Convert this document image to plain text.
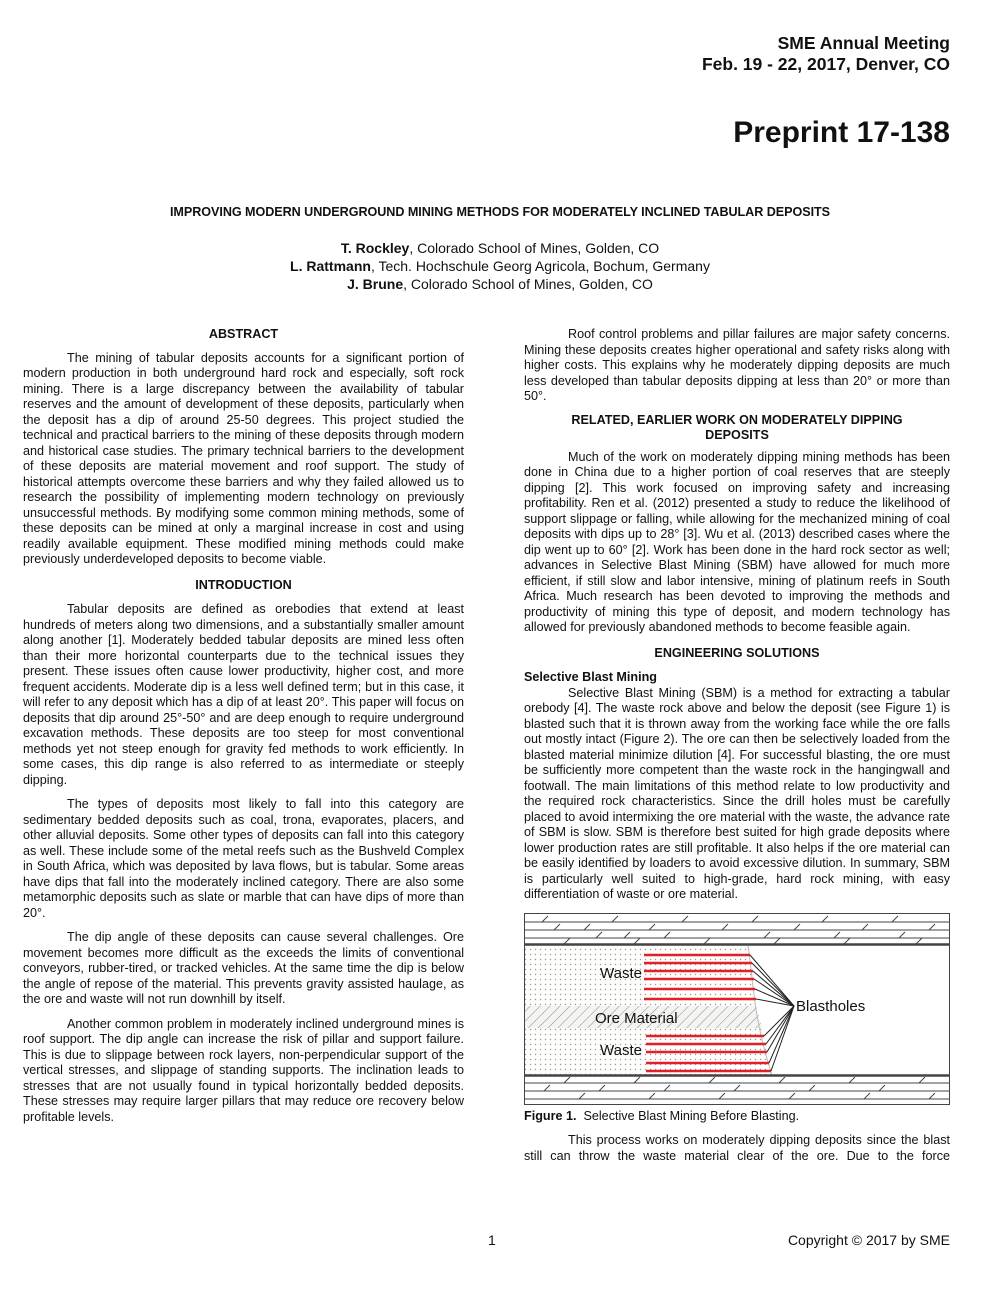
SME Annual Meeting
Feb. 19 - 22, 2017, Denver, CO
Preprint 17-138
IMPROVING MODERN UNDERGROUND MINING METHODS FOR MODERATELY INCLINED TABULAR DEPOSITS
T. Rockley, Colorado School of Mines, Golden, CO
L. Rattmann, Tech. Hochschule Georg Agricola, Bochum, Germany
J. Brune, Colorado School of Mines, Golden, CO
ABSTRACT

The mining of tabular deposits accounts for a significant portion of modern production in both underground hard rock and especially, soft rock mining. There is a large discrepancy between the availability of tabular reserves and the amount of development of these deposits, particularly when the deposit has a dip of around 25-50 degrees. This project studied the technical and practical barriers to the mining of these deposits through modern and historical case studies. The primary technical barriers to the development of these deposits are material movement and roof support. The study of historical attempts overcome these barriers and why they failed allowed us to research the possibility of implementing modern technology on previously unsuccessful methods. By modifying some common mining methods, some of these deposits can be mined at only a marginal increase in cost and using readily available equipment. These modified mining methods could make previously underdeveloped deposits to become viable.

INTRODUCTION

Tabular deposits are defined as orebodies that extend at least hundreds of meters along two dimensions, and a substantially smaller amount along another [1]. Moderately bedded tabular deposits are mined less often than their more horizontal counterparts due to the technical issues they present. These issues often cause lower productivity, higher cost, and more frequent accidents. Moderate dip is a less well defined term; but in this case, it will refer to any deposit which has a dip of at least 20°. This paper will focus on deposits that dip around 25°-50° and are deep enough to require underground excavation methods. These deposits are too steep for most conventional methods yet not steep enough for gravity fed methods to work efficiently. In some cases, this dip range is also referred to as intermediate or steeply dipping.

The types of deposits most likely to fall into this category are sedimentary bedded deposits such as coal, trona, evaporates, placers, and other alluvial deposits. Some other types of deposits can fall into this category as well. These include some of the metal reefs such as the Bushveld Complex in South Africa, which was deposited by lava flows, but is tabular. Some areas have dips that fall into the moderately inclined category. There are also some metamorphic deposits such as slate or marble that can have dips of more than 20°.

The dip angle of these deposits can cause several challenges. Ore movement becomes more difficult as the exceeds the limits of conventional conveyors, rubber-tired, or tracked vehicles. At the same time the dip is below the angle of repose of the material. This prevents gravity assisted haulage, as the ore and waste will not run downhill by itself.

Another common problem in moderately inclined underground mines is roof support. The dip angle can increase the risk of pillar and support failure. This is due to slippage between rock layers, non-perpendicular support of the vertical stresses, and slippage of standing supports. The inclination leads to stresses that are not usually found in typical horizontally bedded deposits. These stresses may require larger pillars that may reduce ore recovery below profitable levels.

Roof control problems and pillar failures are major safety concerns. Mining these deposits creates higher operational and safety risks along with higher costs. This explains why he moderately dipping deposits are much less developed than tabular deposits dipping at less than 20° or more than 50°.

RELATED, EARLIER WORK ON MODERATELY DIPPING DEPOSITS

Much of the work on moderately dipping mining methods has been done in China due to a higher portion of coal reserves that are steeply dipping [2]. This work focused on improving safety and increasing profitability. Ren et al. (2012) presented a study to reduce the likelihood of support slippage or falling, while allowing for the mechanized mining of coal deposits with dips up to 28° [3]. Wu et al. (2013) described cases where the dip went up to 60° [2]. Work has been done in the hard rock sector as well; advances in Selective Blast Mining (SBM) have allowed for much more efficient, if still slow and labor intensive, mining of platinum reefs in South Africa. Much research has been devoted to improving the methods and productivity of mining this type of deposit, and modern technology has allowed for previously abandoned methods to become feasible again.

ENGINEERING SOLUTIONS
Selective Blast Mining

Selective Blast Mining (SBM) is a method for extracting a tabular orebody [4]. The waste rock above and below the deposit (see Figure 1) is blasted such that it is thrown away from the working face while the ore falls out mostly intact (Figure 2). The ore can then be selectively loaded from the blasted material minimize dilution [4]. For successful blasting, the ore must be sufficiently more competent than the waste rock in the hangingwall and footwall. The main limitations of this method relate to low productivity and the required rock characteristics. Since the drill holes must be carefully placed to avoid intermixing the ore material with the waste, the advance rate of SBM is slow. SBM is therefore best suited for high grade deposits where lower production rates are still profitable. It also helps if the ore material can be easily identified by loaders to avoid excessive dilution. In summary, SBM is particularly well suited to high-grade, hard rock mining, with easy differentiation of waste or ore material.

Waste
Ore Material
Waste
Blastholes
Figure 1.  Selective Blast Mining Before Blasting.

This process works on moderately dipping deposits since the blast still can throw the waste material clear of the ore. Due to the force

1	Copyright © 2017 by SME
